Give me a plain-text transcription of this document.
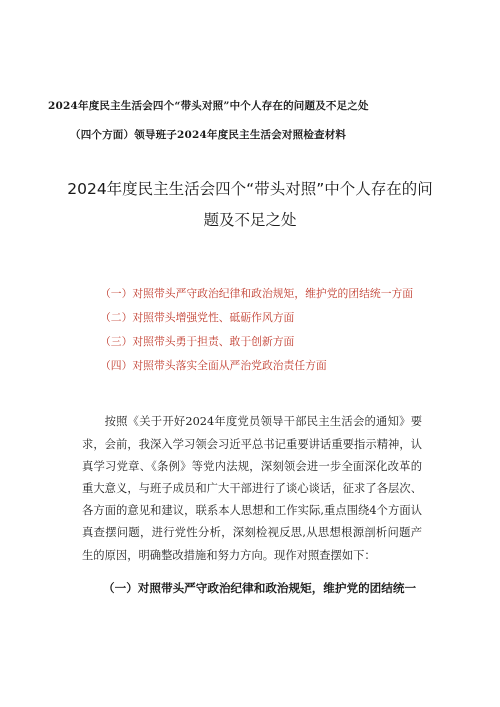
2024年度民主生活会四个“带头对照”中个人存在的问题及不足之处
（四个方面）领导班子2024年度民主生活会对照检查材料
2024年度民主生活会四个“带头对照”中个人存在的问
题及不足之处
（一）对照带头严守政治纪律和政治规矩，维护党的团结统一方面
（二）对照带头增强党性、砥砺作风方面
（三）对照带头勇于担责、敢于创新方面
（四）对照带头落实全面从严治党政治责任方面

按照《关于开好2024年度党员领导干部民主生活会的通知》要求，会前，我深入学习领会习近平总书记重要讲话重要指示精神，认真学习党章、《条例》等党内法规，深刻领会进一步全面深化改革的重大意义，与班子成员和广大干部进行了谈心谈话，征求了各层次、各方面的意见和建议，联系本人思想和工作实际,重点围绕4个方面认真查摆问题，进行党性分析，深刻检视反思,从思想根源剖析问题产生的原因，明确整改措施和努力方向。现作对照查摆如下：

（一）对照带头严守政治纪律和政治规矩，维护党的团结统一
